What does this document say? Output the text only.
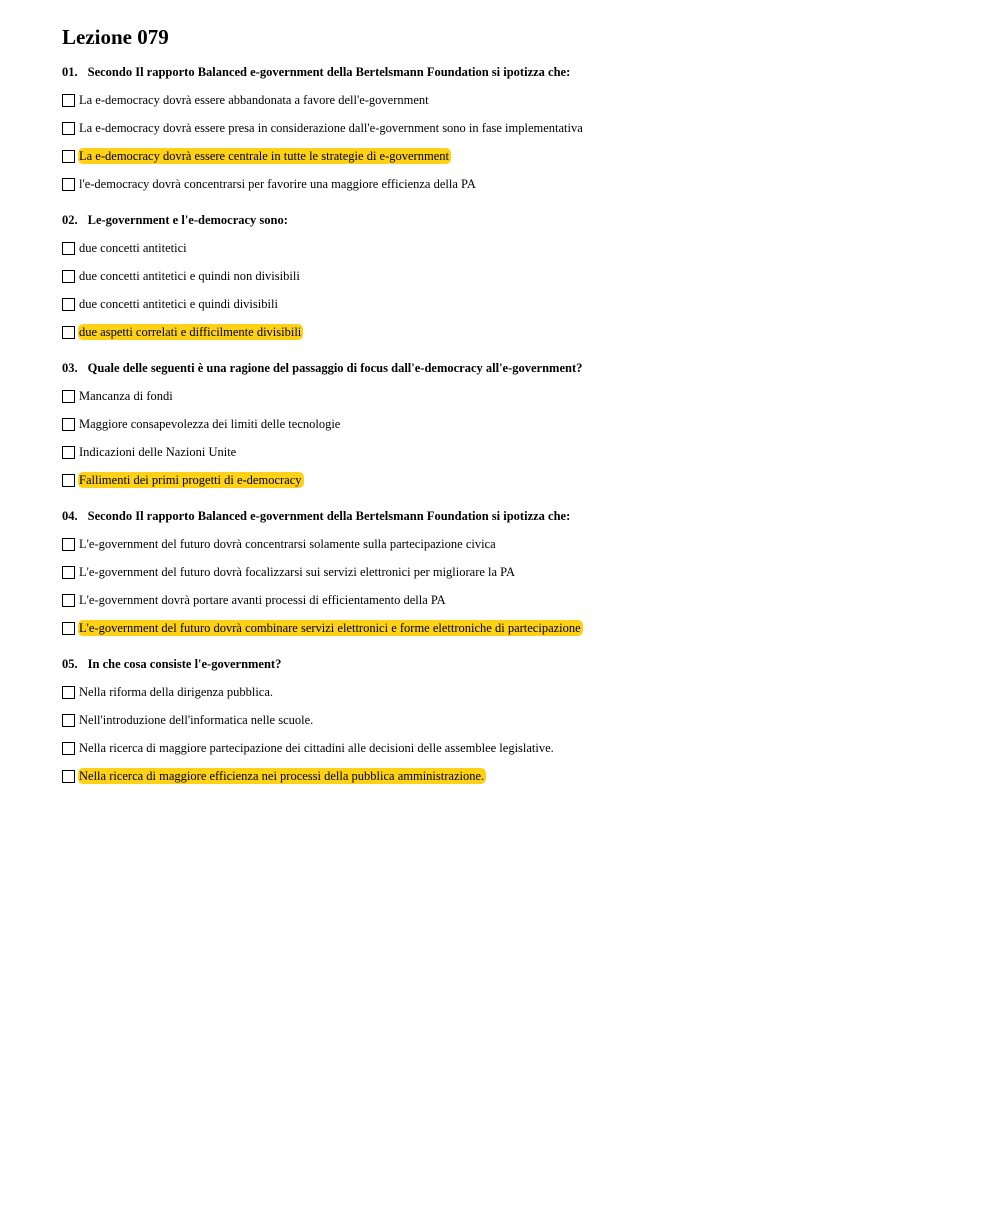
Lezione 079
01. Secondo Il rapporto Balanced e-government della Bertelsmann Foundation si ipotizza che:
La e-democracy dovrà essere abbandonata a favore dell'e-government
La e-democracy dovrà essere presa in considerazione dall'e-government sono in fase implementativa
La e-democracy dovrà essere centrale in tutte le strategie di e-government
l'e-democracy dovrà concentrarsi per favorire una maggiore efficienza della PA
02. Le-government e l'e-democracy sono:
due concetti antitetici
due concetti antitetici e quindi non divisibili
due concetti antitetici e quindi divisibili
due aspetti correlati e difficilmente divisibili
03. Quale delle seguenti è una ragione del passaggio di focus dall'e-democracy all'e-government?
Mancanza di fondi
Maggiore consapevolezza dei limiti delle tecnologie
Indicazioni delle Nazioni Unite
Fallimenti dei primi progetti di e-democracy
04. Secondo Il rapporto Balanced e-government della Bertelsmann Foundation si ipotizza che:
L'e-government del futuro dovrà concentrarsi solamente sulla partecipazione civica
L'e-government del futuro dovrà focalizzarsi sui servizi elettronici per migliorare la PA
L'e-government dovrà portare avanti processi di efficientamento della PA
L'e-government del futuro dovrà combinare servizi elettronici e forme elettroniche di partecipazione
05. In che cosa consiste l'e-government?
Nella riforma della dirigenza pubblica.
Nell'introduzione dell'informatica nelle scuole.
Nella ricerca di maggiore partecipazione dei cittadini alle decisioni delle assemblee legislative.
Nella ricerca di maggiore efficienza nei processi della pubblica amministrazione.
